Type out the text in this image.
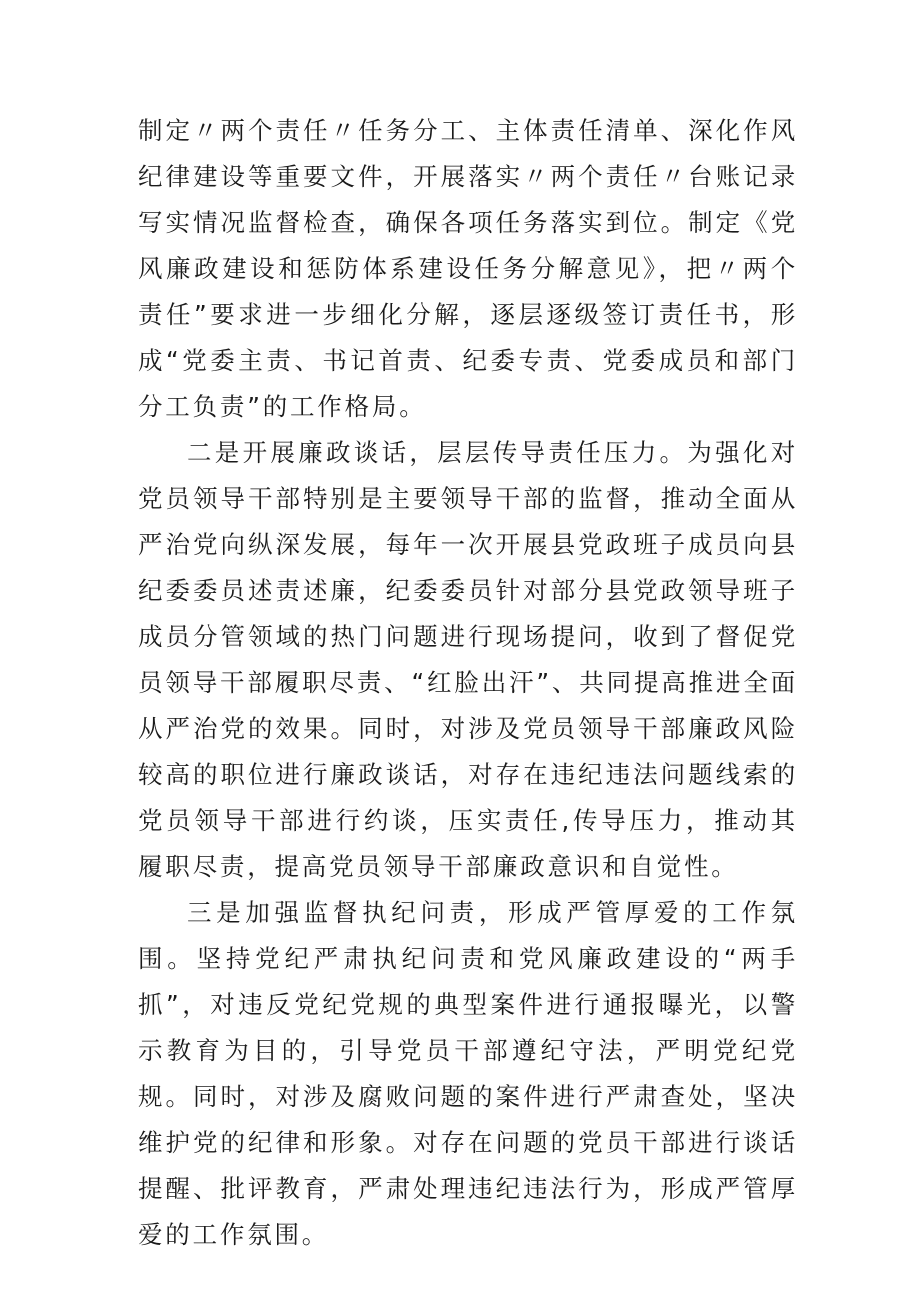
制定〃两个责任〃任务分工、主体责任清单、深化作风纪律建设等重要文件，开展落实〃两个责任〃台账记录写实情况监督检查，确保各项任务落实到位。制定《党风廉政建设和惩防体系建设任务分解意见》，把〃两个责任”要求进一步细化分解，逐层逐级签订责任书，形成“党委主责、书记首责、纪委专责、党委成员和部门分工负责”的工作格局。

二是开展廉政谈话，层层传导责任压力。为强化对党员领导干部特别是主要领导干部的监督，推动全面从严治党向纵深发展，每年一次开展县党政班子成员向县纪委委员述责述廉，纪委委员针对部分县党政领导班子成员分管领域的热门问题进行现场提问，收到了督促党员领导干部履职尽责、“红脸出汗”、共同提高推进全面从严治党的效果。同时，对涉及党员领导干部廉政风险较高的职位进行廉政谈话，对存在违纪违法问题线索的党员领导干部进行约谈，压实责任,传导压力，推动其履职尽责，提高党员领导干部廉政意识和自觉性。

三是加强监督执纪问责，形成严管厚爱的工作氛围。坚持党纪严肃执纪问责和党风廉政建设的“两手抓”，对违反党纪党规的典型案件进行通报曝光，以警示教育为目的，引导党员干部遵纪守法，严明党纪党规。同时，对涉及腐败问题的案件进行严肃查处，坚决维护党的纪律和形象。对存在问题的党员干部进行谈话提醒、批评教育，严肃处理违纪违法行为，形成严管厚爱的工作氛围。
